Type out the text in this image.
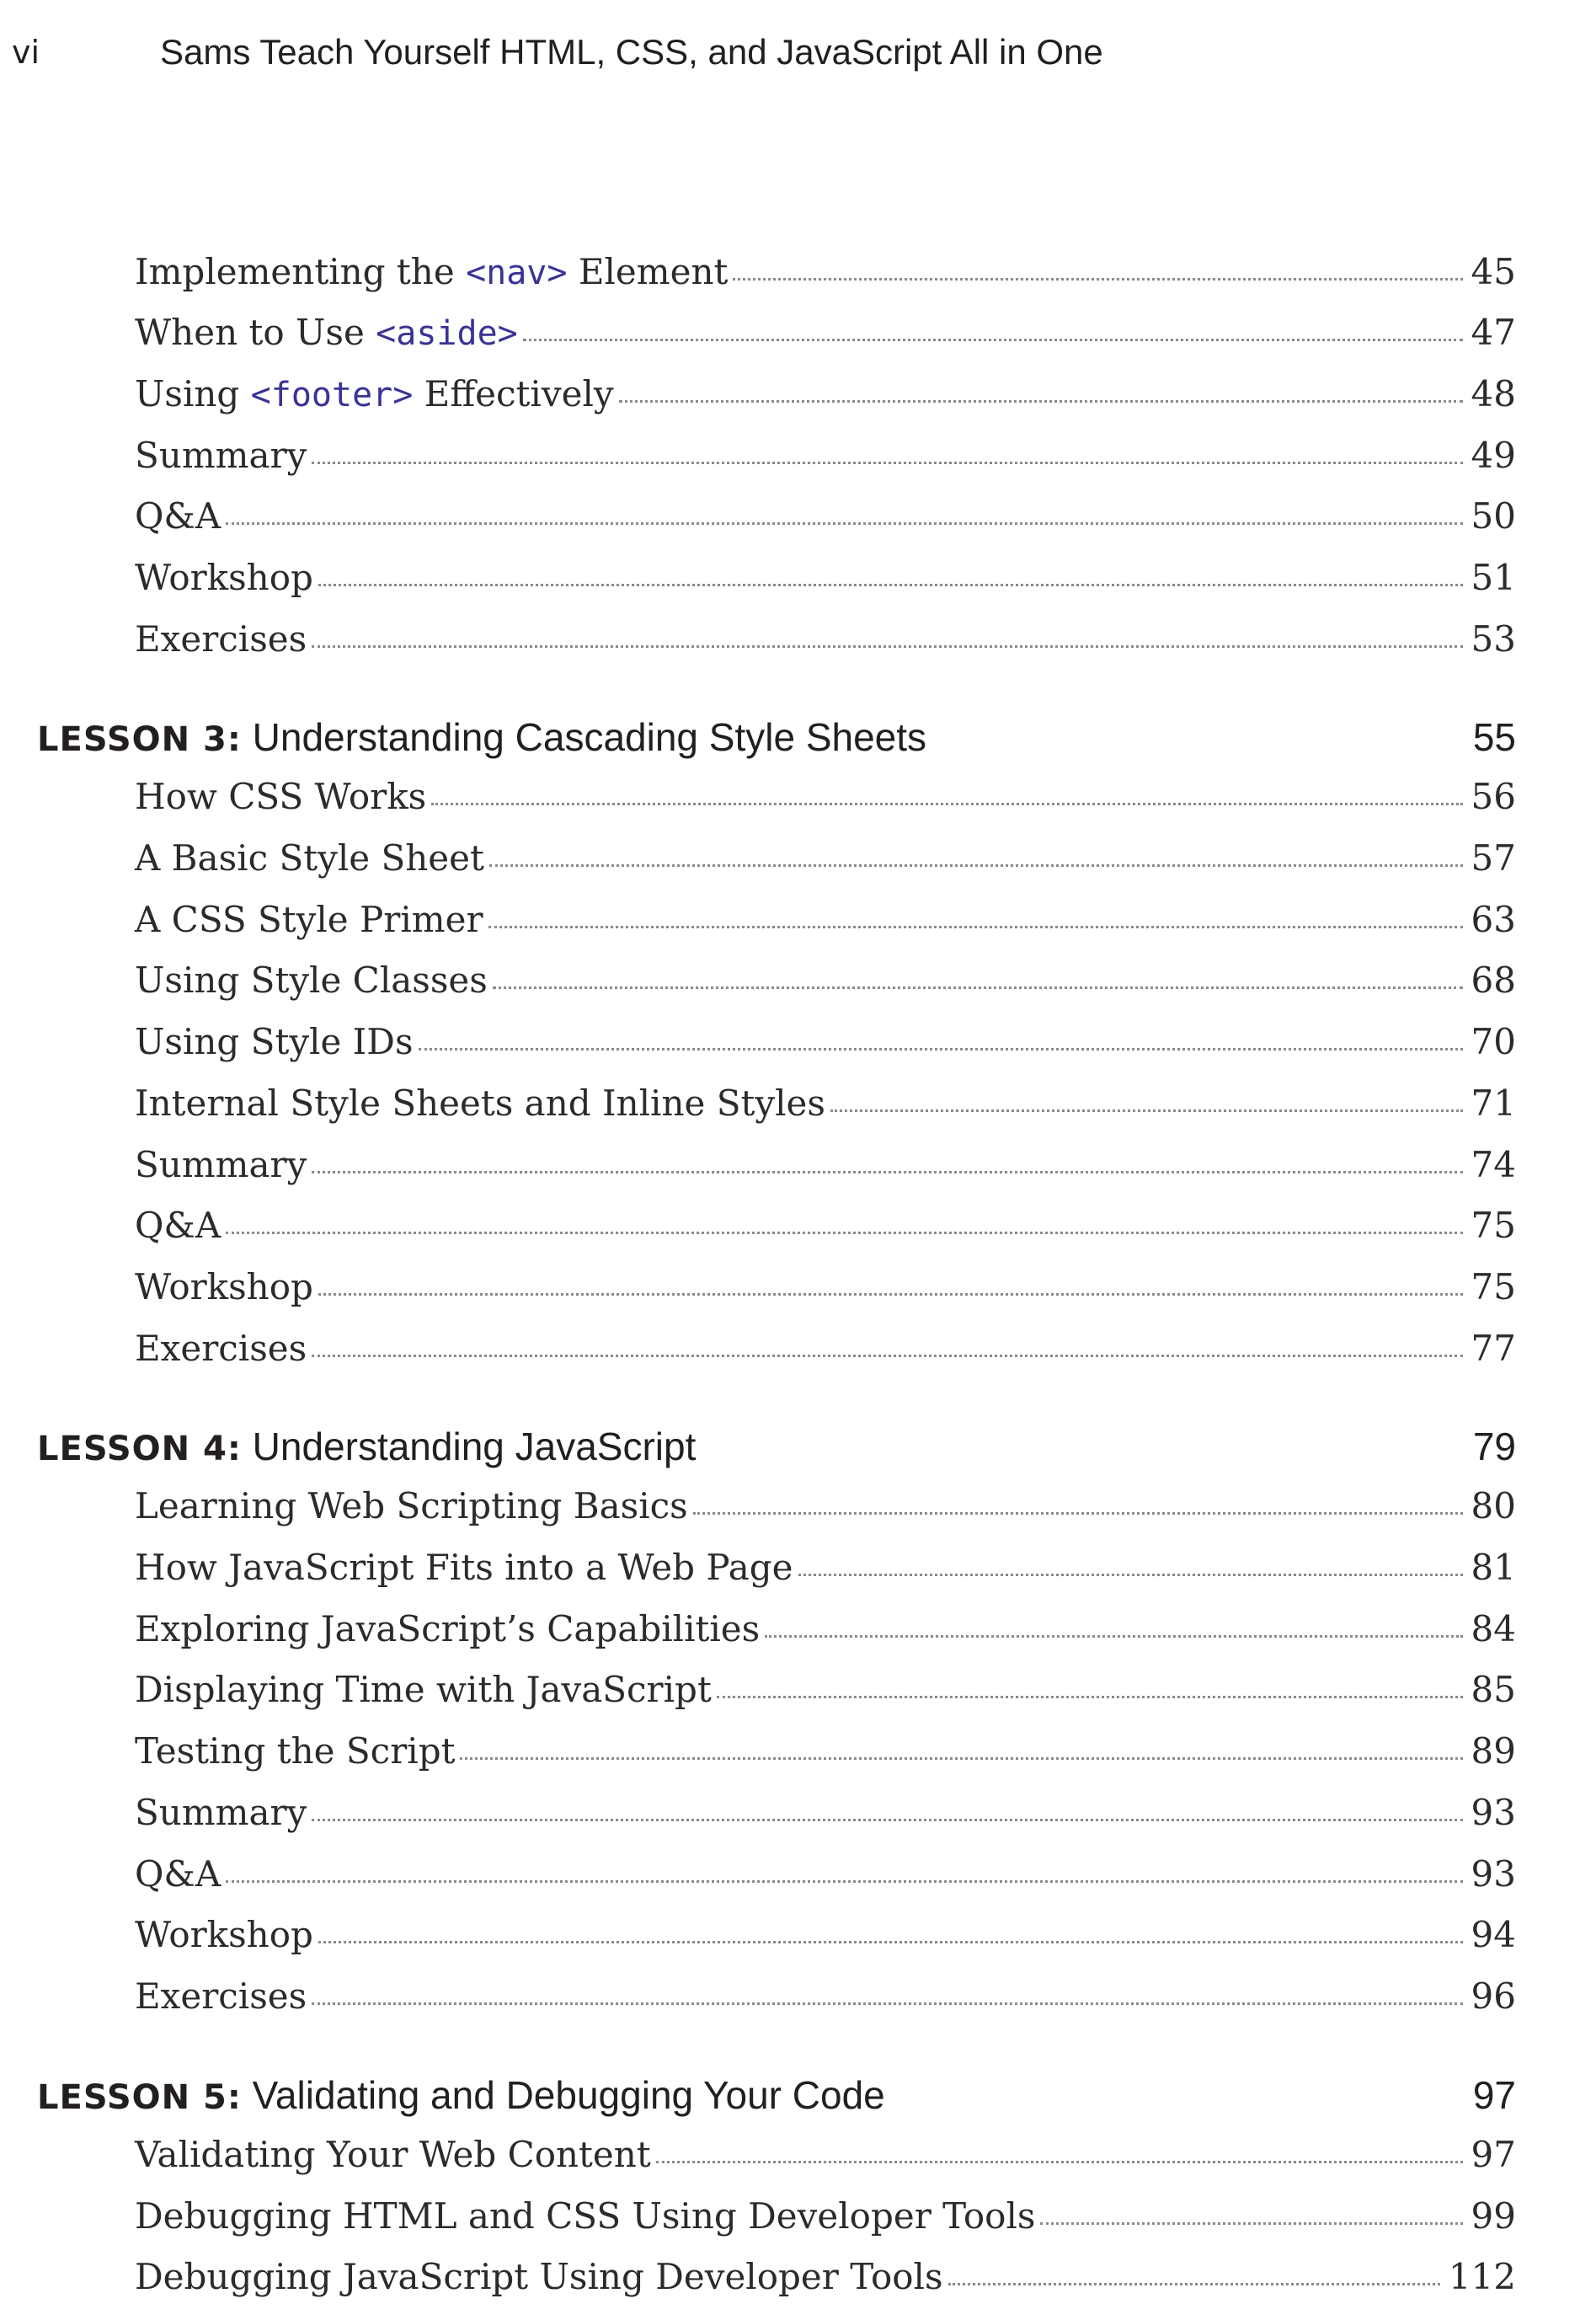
vi	Sams Teach Yourself HTML, CSS, and JavaScript All in One
Implementing the <nav> Element	45
When to Use <aside>	47
Using <footer> Effectively	48
Summary	49
Q&A	50
Workshop	51
Exercises	53
LESSON 3: Understanding Cascading Style Sheets	55
How CSS Works	56
A Basic Style Sheet	57
A CSS Style Primer	63
Using Style Classes	68
Using Style IDs	70
Internal Style Sheets and Inline Styles	71
Summary	74
Q&A	75
Workshop	75
Exercises	77
LESSON 4: Understanding JavaScript	79
Learning Web Scripting Basics	80
How JavaScript Fits into a Web Page	81
Exploring JavaScript’s Capabilities	84
Displaying Time with JavaScript	85
Testing the Script	89
Summary	93
Q&A	93
Workshop	94
Exercises	96
LESSON 5: Validating and Debugging Your Code	97
Validating Your Web Content	97
Debugging HTML and CSS Using Developer Tools	99
Debugging JavaScript Using Developer Tools	112
